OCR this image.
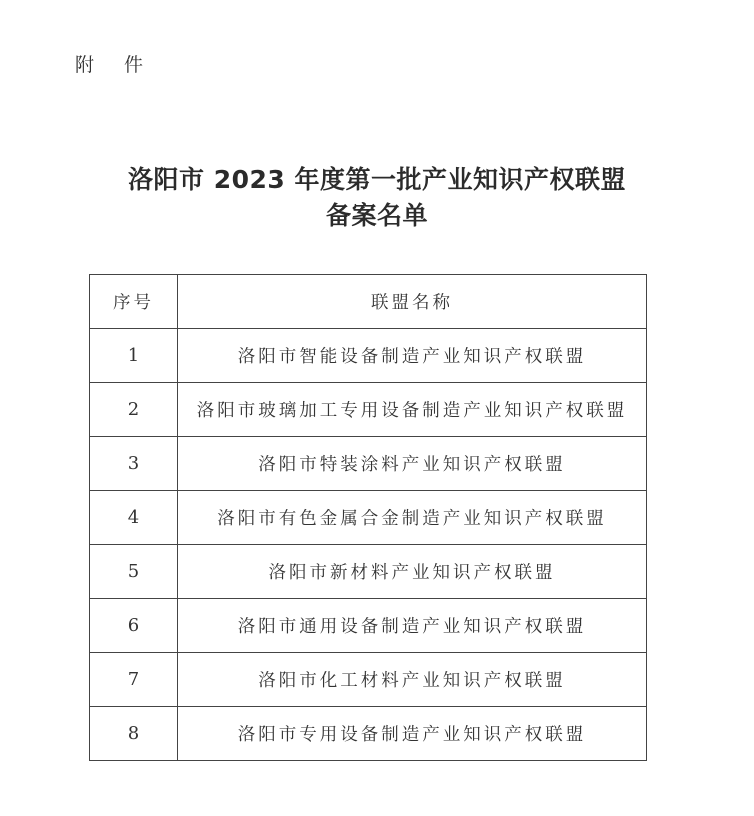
附 件
洛阳市 2023 年度第一批产业知识产权联盟
备案名单
序号	联盟名称
1	洛阳市智能设备制造产业知识产权联盟
2	洛阳市玻璃加工专用设备制造产业知识产权联盟
3	洛阳市特装涂料产业知识产权联盟
4	洛阳市有色金属合金制造产业知识产权联盟
5	洛阳市新材料产业知识产权联盟
6	洛阳市通用设备制造产业知识产权联盟
7	洛阳市化工材料产业知识产权联盟
8	洛阳市专用设备制造产业知识产权联盟
